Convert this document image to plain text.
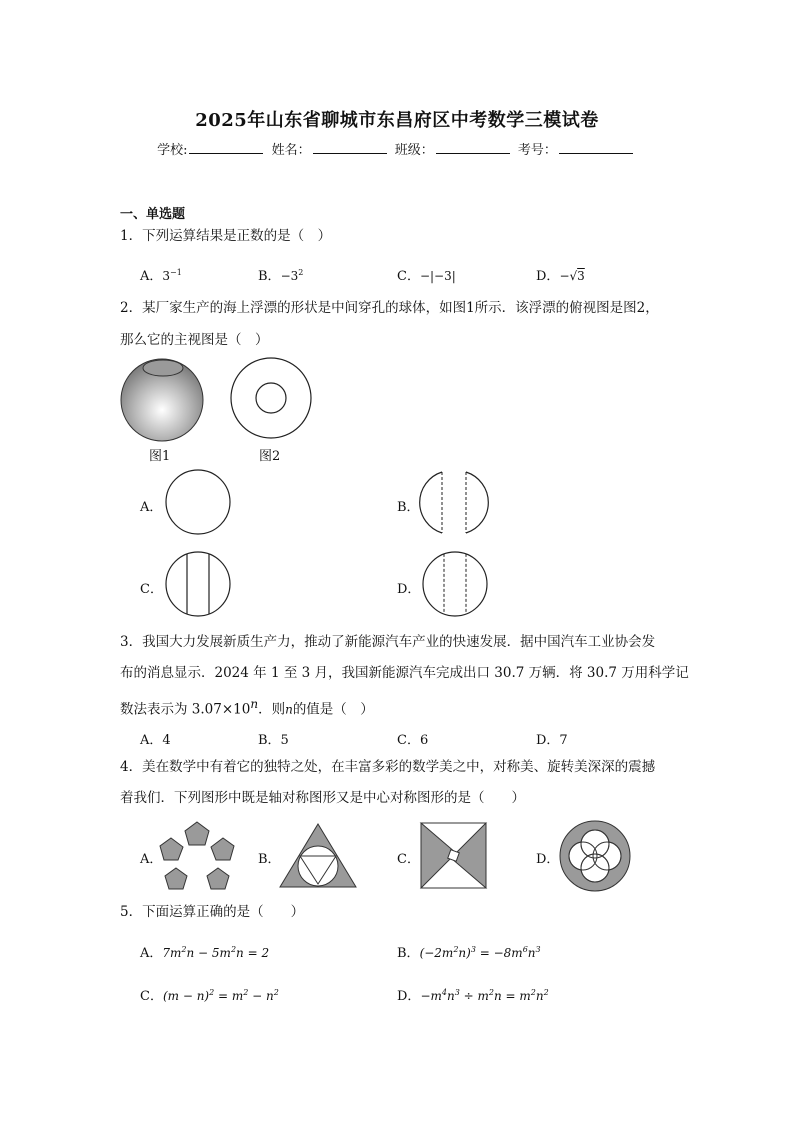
2025年山东省聊城市东昌府区中考数学三模试卷
学校:	姓名：	班级：	考号：
一、单选题
1．下列运算结果是正数的是（　）
A．$3^{-1}$	B．$-3^2$	C．−|−3|	D．−√3
2．某厂家生产的海上浮漂的形状是中间穿孔的球体，如图1所示．该浮漂的俯视图是图2，
那么它的主视图是（　）
图1	图2
A．	B．
C．	D．
3．我国大力发展新质生产力，推动了新能源汽车产业的快速发展．据中国汽车工业协会发
布的消息显示．2024 年 1 至 3 月，我国新能源汽车完成出口 30.7 万辆．将 30.7 万用科学记
数法表示为 $3.07\times 10^n$．则n的值是（　）
A．4	B．5	C．6	D．7
4．美在数学中有着它的独特之处，在丰富多彩的数学美之中，对称美、旋转美深深的震撼
着我们．下列图形中既是轴对称图形又是中心对称图形的是（　　）
A．	B．	C．	D．
5．下面运算正确的是（　　）
A．$7m^2n - 5m^2n = 2$	B．$(-2m^2n)^3 = -8m^6n^3$
C．$(m - n)^2 = m^2 - n^2$	D．$-m^4n^3 \div m^2n = m^2n^2$
